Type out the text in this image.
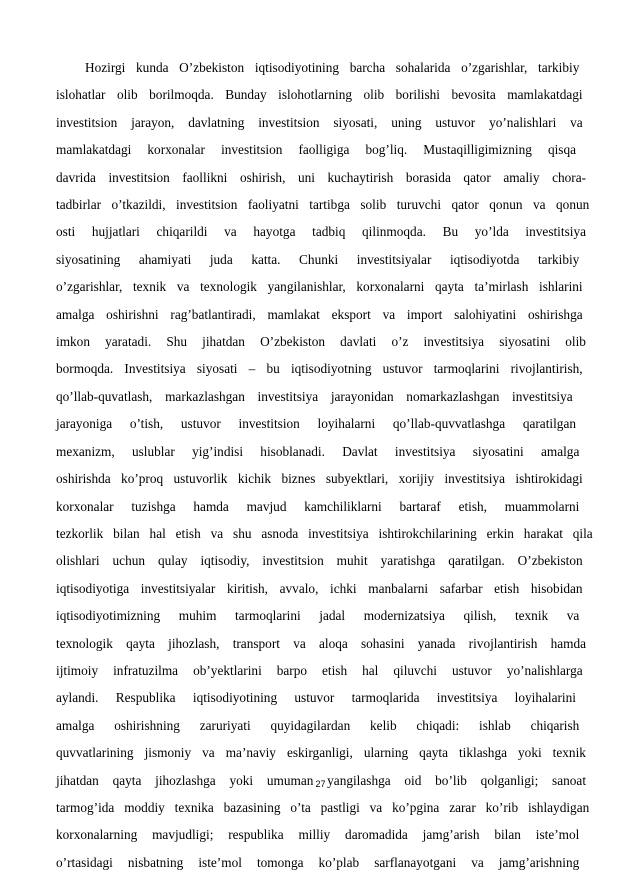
Hozirgi kunda O’zbekiston iqtisodiyotining barcha sohalarida o’zgarishlar, tarkibiy
islohatlar olib borilmoqda. Bunday islohotlarning olib borilishi bevosita mamlakatdagi
investitsion jarayon, davlatning investitsion siyosati, uning ustuvor yo’nalishlari va
mamlakatdagi korxonalar investitsion faolligiga bog’liq. Mustaqilligimizning qisqa
davrida investitsion faollikni oshirish, uni kuchaytirish borasida qator amaliy chora-
tadbirlar o’tkazildi, investitsion faoliyatni tartibga solib turuvchi qator qonun va qonun
osti hujjatlari chiqarildi va hayotga tadbiq qilinmoqda. Bu yo’lda investitsiya
siyosatining ahamiyati juda katta. Chunki investitsiyalar iqtisodiyotda tarkibiy
o’zgarishlar, texnik va texnologik yangilanishlar, korxonalarni qayta ta’mirlash ishlarini
amalga oshirishni rag’batlantiradi, mamlakat eksport va import salohiyatini oshirishga
imkon yaratadi. Shu jihatdan O’zbekiston davlati o’z investitsiya siyosatini olib
bormoqda. Investitsiya siyosati – bu iqtisodiyotning ustuvor tarmoqlarini rivojlantirish,
qo’llab-quvatlash, markazlashgan investitsiya jarayonidan nomarkazlashgan investitsiya
jarayoniga o’tish, ustuvor investitsion loyihalarni qo’llab-quvvatlashga qaratilgan
mexanizm, uslublar yig’indisi hisoblanadi. Davlat investitsiya siyosatini amalga
oshirishda ko’proq ustuvorlik kichik biznes subyektlari, xorijiy investitsiya ishtirokidagi
korxonalar tuzishga hamda mavjud kamchiliklarni bartaraf etish, muammolarni
tezkorlik bilan hal etish va shu asnoda investitsiya ishtirokchilarining erkin harakat qila
olishlari uchun qulay iqtisodiy, investitsion muhit yaratishga qaratilgan. O’zbekiston
iqtisodiyotiga investitsiyalar kiritish, avvalo, ichki manbalarni safarbar etish hisobidan
iqtisodiyotimizning muhim tarmoqlarini jadal modernizatsiya qilish, texnik va
texnologik qayta jihozlash, transport va aloqa sohasini yanada rivojlantirish hamda
ijtimoiy infratuzilma ob’yektlarini barpo etish hal qiluvchi ustuvor yo’nalishlarga
aylandi. Respublika iqtisodiyotining ustuvor tarmoqlarida investitsiya loyihalarini
amalga oshirishning zaruriyati quyidagilardan kelib chiqadi: ishlab chiqarish
quvvatlarining jismoniy va ma’naviy eskirganligi, ularning qayta tiklashga yoki texnik
jihatdan qayta jihozlashga yoki umuman yangilashga oid bo’lib qolganligi; sanoat
tarmog’ida moddiy texnika bazasining o’ta pastligi va ko’pgina zarar ko’rib ishlaydigan
korxonalarning mavjudligi; respublika milliy daromadida jamg’arish bilan iste’mol
o’rtasidagi nisbatning iste’mol tomonga ko’plab sarflanayotgani va jamg’arishning
27
